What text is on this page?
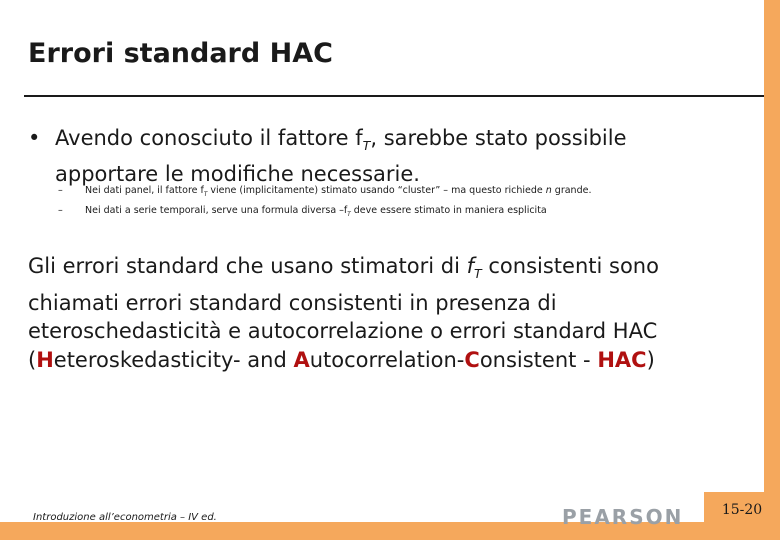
Errori standard HAC
• Avendo conosciuto il fattore $f_T$, sarebbe stato possibile apportare le modifiche necessarie.
– Nei dati panel, il fattore $f_T$ viene (implicitamente) stimato usando “cluster” – ma questo richiede n grande.
– Nei dati a serie temporali, serve una formula diversa $-f_T$ deve essere stimato in maniera esplicita
Gli errori standard che usano stimatori di $f_T$ consistenti sono chiamati errori standard consistenti in presenza di eteroschedasticità e autocorrelazione o errori standard HAC (Heteroskedasticity- and Autocorrelation-Consistent - HAC)
Introduzione all’econometria – IV ed.	PEARSON	15-20
